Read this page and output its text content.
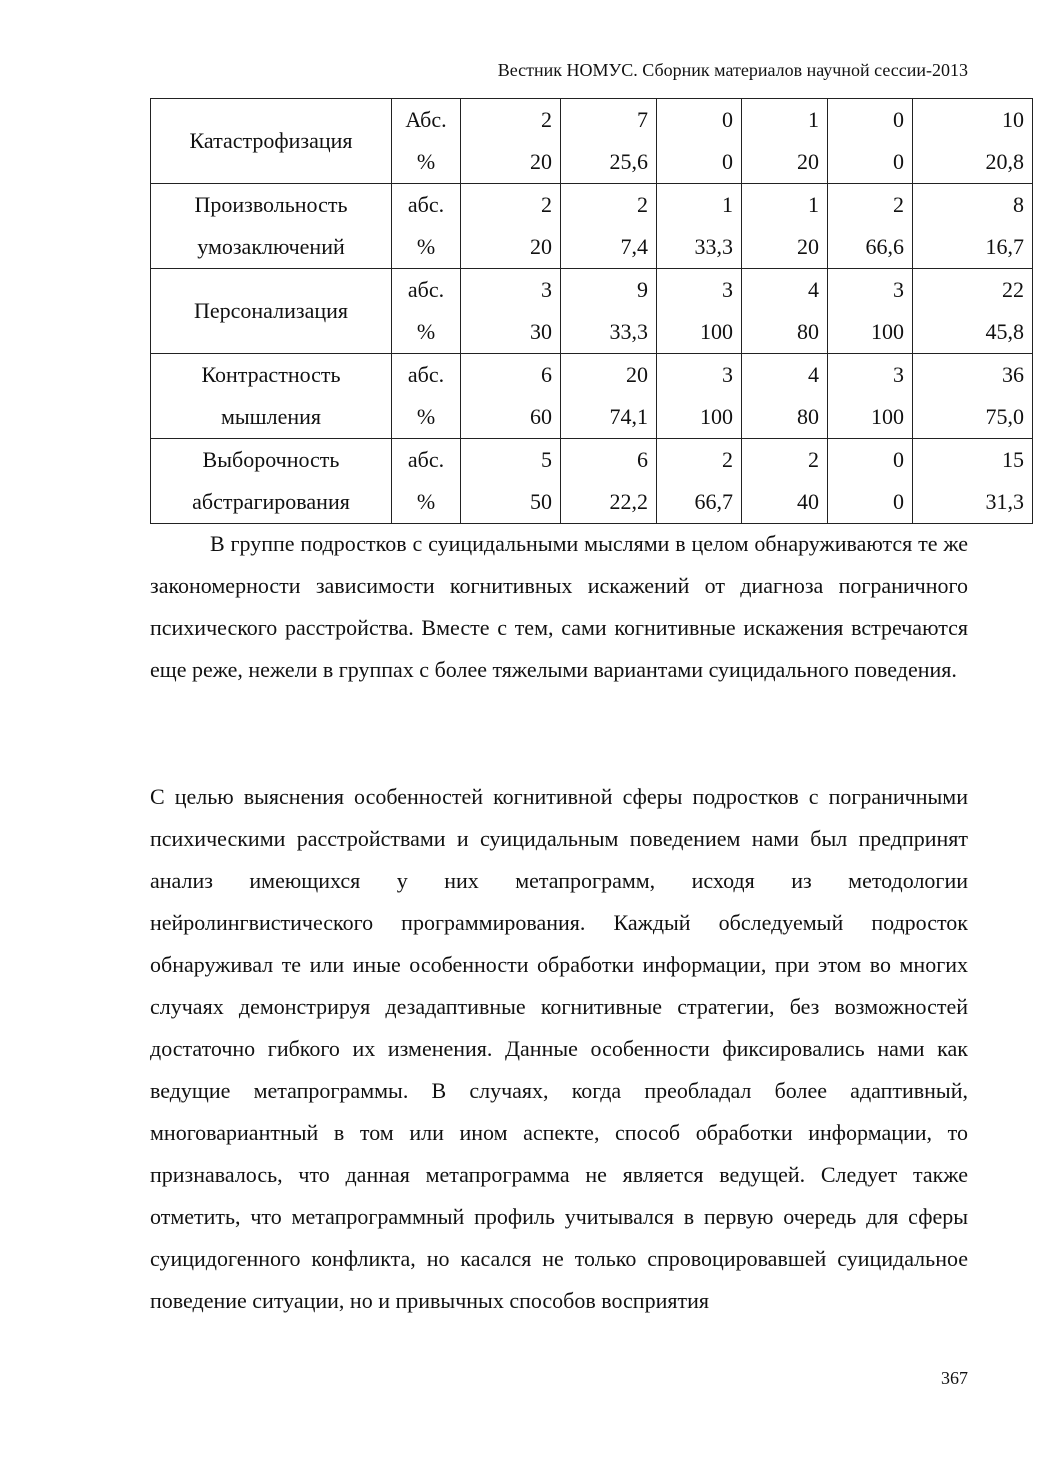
Вестник НОМУС. Сборник материалов научной сессии-2013
Катастрофизация	Абс.	2	7	0	1	0	10
	%	20	25,6	0	20	0	20,8
Произвольность	абс.	2	2	1	1	2	8
умозаключений	%	20	7,4	33,3	20	66,6	16,7
Персонализация	абс.	3	9	3	4	3	22
	%	30	33,3	100	80	100	45,8
Контрастность	абс.	6	20	3	4	3	36
мышления	%	60	74,1	100	80	100	75,0
Выборочность	абс.	5	6	2	2	0	15
абстрагирования	%	50	22,2	66,7	40	0	31,3
В группе подростков с суицидальными мыслями в целом обнаруживаются те же закономерности зависимости когнитивных искажений от диагноза пограничного психического расстройства. Вместе с тем, сами когнитивные искажения встречаются еще реже, нежели в группах с более тяжелыми вариантами суицидального поведения.
С целью выяснения особенностей когнитивной сферы подростков с пограничными психическими расстройствами и суицидальным поведением нами был предпринят анализ имеющихся у них метапрограмм, исходя из методологии нейролингвистического программирования. Каждый обследуемый подросток обнаруживал те или иные особенности обработки информации, при этом во многих случаях демонстрируя дезадаптивные когнитивные стратегии, без возможностей достаточно гибкого их изменения. Данные особенности фиксировались нами как ведущие метапрограммы. В случаях, когда преобладал более адаптивный, многовариантный в том или ином аспекте, способ обработки информации, то признавалось, что данная метапрограмма не является ведущей. Следует также отметить, что метапрограммный профиль учитывался в первую очередь для сферы суицидогенного конфликта, но касался не только спровоцировавшей суицидальное поведение ситуации, но и привычных способов восприятия
367
